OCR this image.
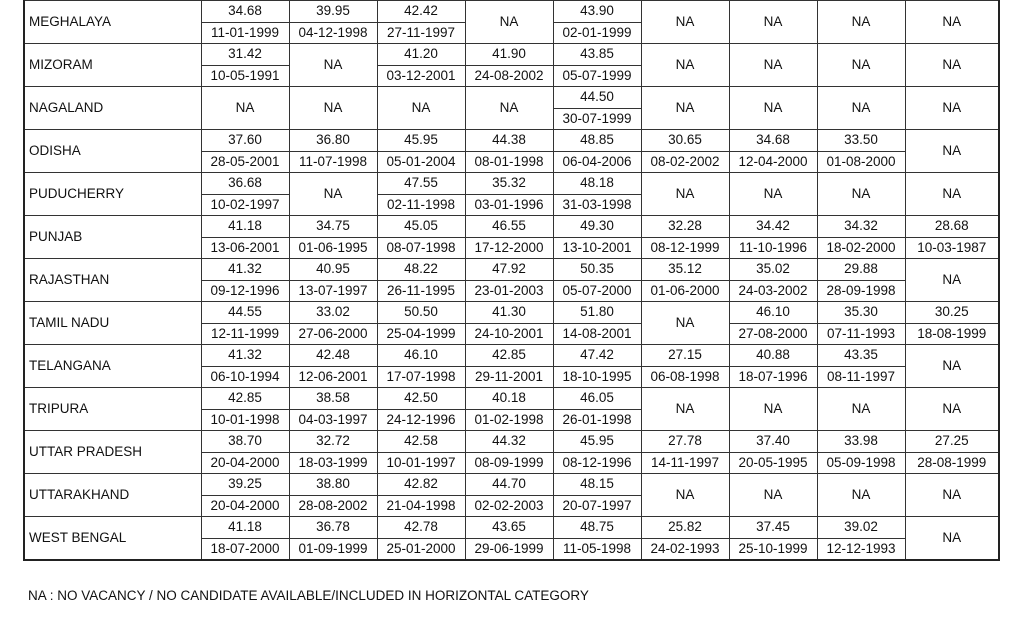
MEGHALAYA	34.68	39.95	42.42	NA	43.90	NA	NA	NA	NA
	11-01-1999	04-12-1998	27-11-1997		02-01-1999				
MIZORAM	31.42	NA	41.20	41.90	43.85	NA	NA	NA	NA
	10-05-1991		03-12-2001	24-08-2002	05-07-1999				
NAGALAND	NA	NA	NA	NA	44.50	NA	NA	NA	NA
					30-07-1999				
ODISHA	37.60	36.80	45.95	44.38	48.85	30.65	34.68	33.50	NA
	28-05-2001	11-07-1998	05-01-2004	08-01-1998	06-04-2006	08-02-2002	12-04-2000	01-08-2000	
PUDUCHERRY	36.68	NA	47.55	35.32	48.18	NA	NA	NA	NA
	10-02-1997		02-11-1998	03-01-1996	31-03-1998				
PUNJAB	41.18	34.75	45.05	46.55	49.30	32.28	34.42	34.32	28.68
	13-06-2001	01-06-1995	08-07-1998	17-12-2000	13-10-2001	08-12-1999	11-10-1996	18-02-2000	10-03-1987
RAJASTHAN	41.32	40.95	48.22	47.92	50.35	35.12	35.02	29.88	NA
	09-12-1996	13-07-1997	26-11-1995	23-01-2003	05-07-2000	01-06-2000	24-03-2002	28-09-1998	
TAMIL NADU	44.55	33.02	50.50	41.30	51.80	NA	46.10	35.30	30.25
	12-11-1999	27-06-2000	25-04-1999	24-10-2001	14-08-2001		27-08-2000	07-11-1993	18-08-1999
TELANGANA	41.32	42.48	46.10	42.85	47.42	27.15	40.88	43.35	NA
	06-10-1994	12-06-2001	17-07-1998	29-11-2001	18-10-1995	06-08-1998	18-07-1996	08-11-1997	
TRIPURA	42.85	38.58	42.50	40.18	46.05	NA	NA	NA	NA
	10-01-1998	04-03-1997	24-12-1996	01-02-1998	26-01-1998				
UTTAR PRADESH	38.70	32.72	42.58	44.32	45.95	27.78	37.40	33.98	27.25
	20-04-2000	18-03-1999	10-01-1997	08-09-1999	08-12-1996	14-11-1997	20-05-1995	05-09-1998	28-08-1999
UTTARAKHAND	39.25	38.80	42.82	44.70	48.15	NA	NA	NA	NA
	20-04-2000	28-08-2002	21-04-1998	02-02-2003	20-07-1997				
WEST BENGAL	41.18	36.78	42.78	43.65	48.75	25.82	37.45	39.02	NA
	18-07-2000	01-09-1999	25-01-2000	29-06-1999	11-05-1998	24-02-1993	25-10-1999	12-12-1993	
NA : NO VACANCY / NO CANDIDATE AVAILABLE/INCLUDED IN HORIZONTAL CATEGORY
